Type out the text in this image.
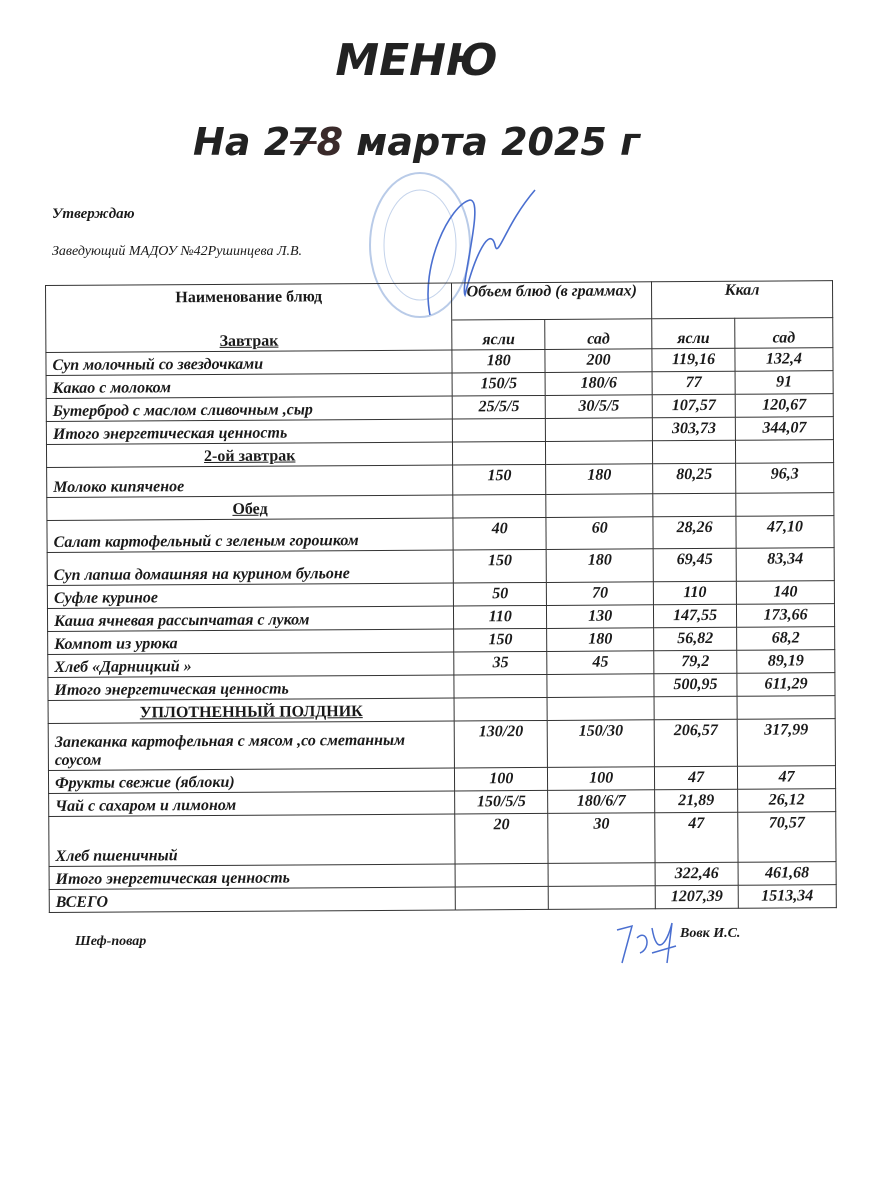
МЕНЮ
На 278 марта 2025 г
Утверждаю
Заведующий МАДОУ №42Рушинцева Л.В.
Наименование блюд	Объем блюд (в граммах)		Ккал	
Завтрак	ясли	сад	ясли	сад
Суп молочный со звездочками	180	200	119,16	132,4
Какао с молоком	150/5	180/6	77	91
Бутерброд с маслом сливочным ,сыр	25/5/5	30/5/5	107,57	120,67
Итого энергетическая ценность			303,73	344,07
2-ой завтрак				
Молоко кипяченое	150	180	80,25	96,3
Обед				
Салат картофельный с зеленым горошком	40	60	28,26	47,10
Суп лапша домашняя на курином бульоне	150	180	69,45	83,34
Суфле куриное	50	70	110	140
Каша ячневая рассыпчатая с луком	110	130	147,55	173,66
Компот из урюка	150	180	56,82	68,2
Хлеб «Дарницкий »	35	45	79,2	89,19
Итого энергетическая ценность			500,95	611,29
УПЛОТНЕННЫЙ ПОЛДНИК				
Запеканка картофельная с мясом ,со сметанным соусом	130/20	150/30	206,57	317,99
Фрукты свежие (яблоки)	100	100	47	47
Чай с сахаром и лимоном	150/5/5	180/6/7	21,89	26,12
Хлеб пшеничный	20	30	47	70,57
Итого энергетическая ценность			322,46	461,68
ВСЕГО			1207,39	1513,34
Шеф-повар
Вовк И.С.
